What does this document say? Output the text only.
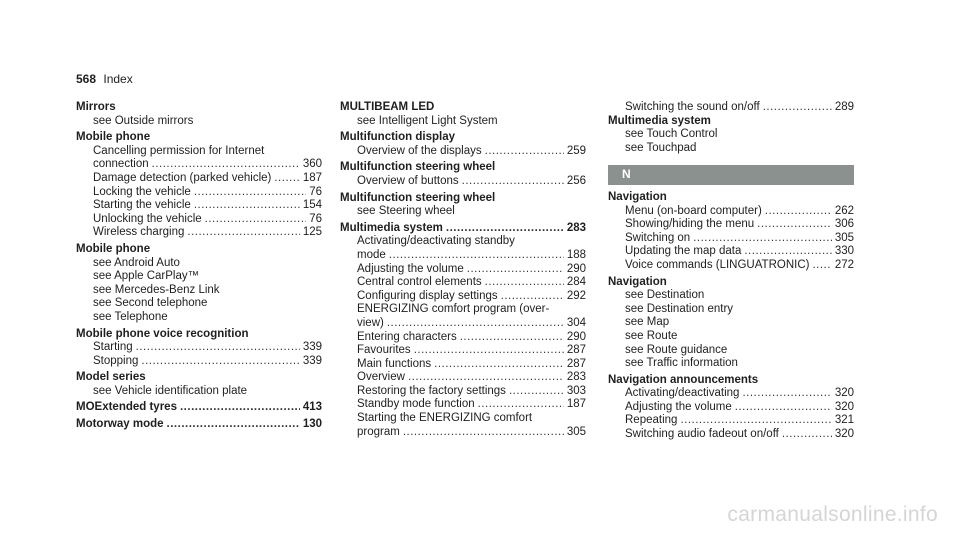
568 Index
Mirrors
see Outside mirrors
Mobile phone
Cancelling permission for Internet
connection .....	360
Damage detection (parked vehicle) .....	187
Locking the vehicle .....	76
Starting the vehicle .....	154
Unlocking the vehicle .....	76
Wireless charging .....	125
Mobile phone
see Android Auto
see Apple CarPlay™
see Mercedes-Benz Link
see Second telephone
see Telephone
Mobile phone voice recognition
Starting .....	339
Stopping .....	339
Model series
see Vehicle identification plate
MOExtended tyres .....	413
Motorway mode .....	130
MULTIBEAM LED
see Intelligent Light System
Multifunction display
Overview of the displays .....	259
Multifunction steering wheel
Overview of buttons .....	256
Multifunction steering wheel
see Steering wheel
Multimedia system .....	283
Activating/deactivating standby
mode .....	188
Adjusting the volume .....	290
Central control elements .....	284
Configuring display settings .....	292
ENERGIZING comfort program (over-
view) .....	304
Entering characters .....	290
Favourites .....	287
Main functions .....	287
Overview .....	283
Restoring the factory settings .....	303
Standby mode function .....	187
Starting the ENERGIZING comfort
program .....	305
Switching the sound on/off .....	289
Multimedia system
see Touch Control
see Touchpad
N
Navigation
Menu (on-board computer) .....	262
Showing/hiding the menu .....	306
Switching on .....	305
Updating the map data .....	330
Voice commands (LINGUATRONIC) ..... 272
Navigation
see Destination
see Destination entry
see Map
see Route
see Route guidance
see Traffic information
Navigation announcements
Activating/deactivating .....	320
Adjusting the volume .....	320
Repeating .....	321
Switching audio fadeout on/off .....	320
carmanualsonline.info
